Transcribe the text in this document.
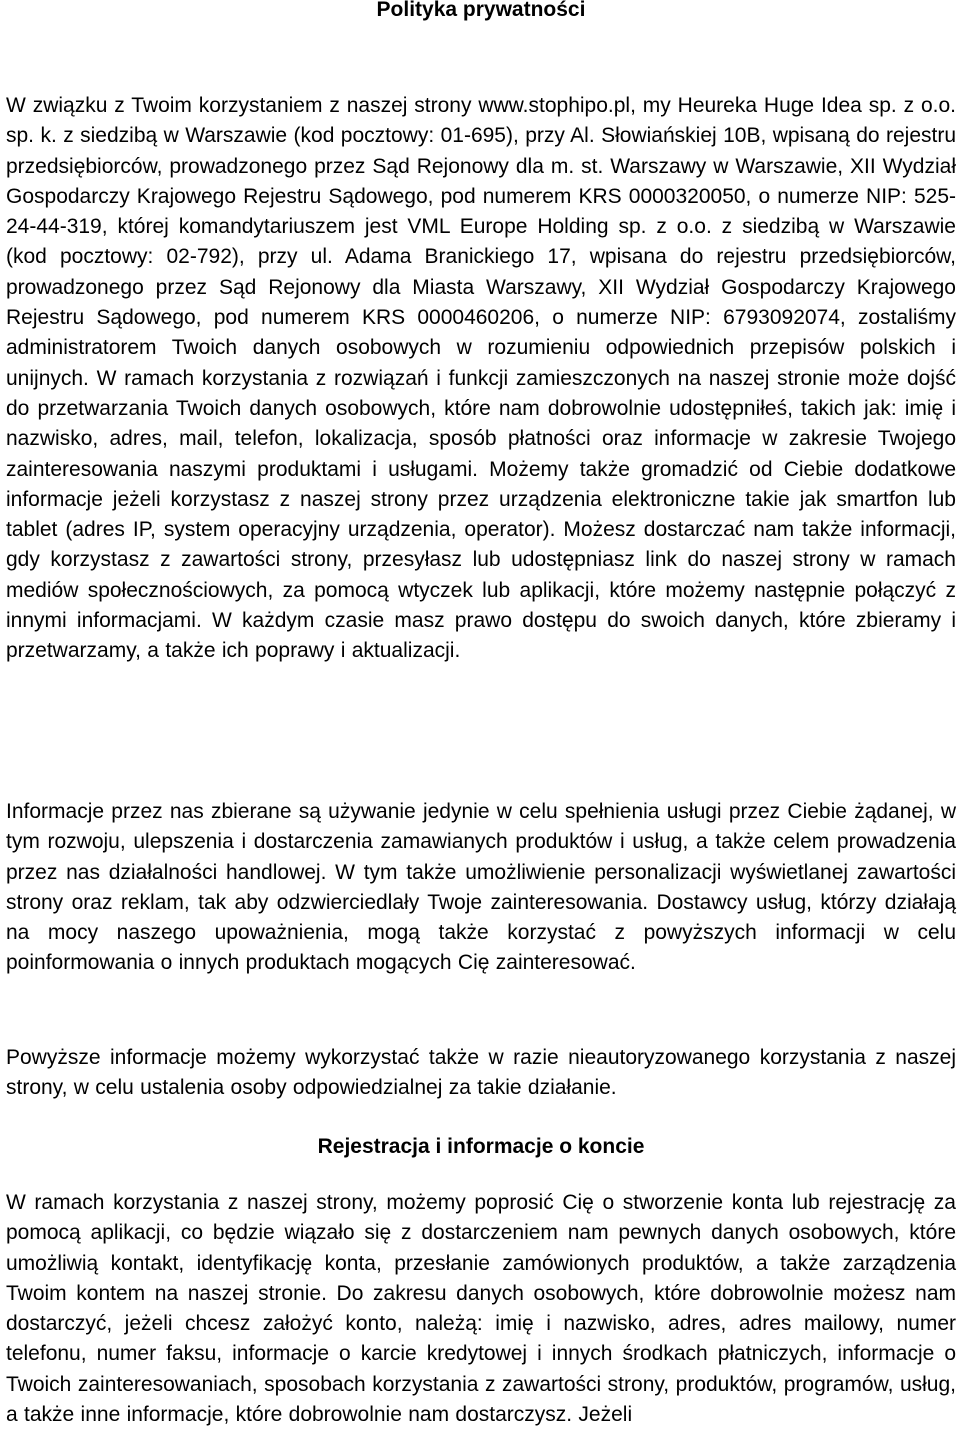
Polityka prywatności

W związku z Twoim korzystaniem z naszej strony www.stophipo.pl, my Heureka Huge Idea sp. z o.o. sp. k. z siedzibą w Warszawie (kod pocztowy: 01-695), przy Al. Słowiańskiej 10B, wpisaną do rejestru przedsiębiorców, prowadzonego przez Sąd Rejonowy dla m. st. Warszawy w Warszawie, XII Wydział Gospodarczy Krajowego Rejestru Sądowego, pod numerem KRS 0000320050, o numerze NIP: 525-24-44-319, której komandytariuszem jest VML Europe Holding sp. z o.o. z siedzibą w Warszawie (kod pocztowy: 02-792), przy ul. Adama Branickiego 17, wpisana do rejestru przedsiębiorców, prowadzonego przez Sąd Rejonowy dla Miasta Warszawy, XII Wydział Gospodarczy Krajowego Rejestru Sądowego, pod numerem KRS 0000460206, o numerze NIP: 6793092074, zostaliśmy administratorem Twoich danych osobowych w rozumieniu odpowiednich przepisów polskich i unijnych. W ramach korzystania z rozwiązań i funkcji zamieszczonych na naszej stronie może dojść do przetwarzania Twoich danych osobowych, które nam dobrowolnie udostępniłeś, takich jak: imię i nazwisko, adres, mail, telefon, lokalizacja, sposób płatności oraz informacje w zakresie Twojego zainteresowania naszymi produktami i usługami. Możemy także gromadzić od Ciebie dodatkowe informacje jeżeli korzystasz z naszej strony przez urządzenia elektroniczne takie jak smartfon lub tablet (adres IP, system operacyjny urządzenia, operator). Możesz dostarczać nam także informacji, gdy korzystasz z zawartości strony, przesyłasz lub udostępniasz link do naszej strony w ramach mediów społecznościowych, za pomocą wtyczek lub aplikacji, które możemy następnie połączyć z innymi informacjami. W każdym czasie masz prawo dostępu do swoich danych, które zbieramy i przetwarzamy, a także ich poprawy i aktualizacji.

Informacje przez nas zbierane są używanie jedynie w celu spełnienia usługi przez Ciebie żądanej, w tym rozwoju, ulepszenia i dostarczenia zamawianych produktów i usług, a także celem prowadzenia przez nas działalności handlowej. W tym także umożliwienie personalizacji wyświetlanej zawartości strony oraz reklam, tak aby odzwierciedlały Twoje zainteresowania. Dostawcy usług, którzy działają na mocy naszego upoważnienia, mogą także korzystać z powyższych informacji w celu poinformowania o innych produktach mogących Cię zainteresować.

Powyższe informacje możemy wykorzystać także w razie nieautoryzowanego korzystania z naszej strony, w celu ustalenia osoby odpowiedzialnej za takie działanie.

Rejestracja i informacje o koncie

W ramach korzystania z naszej strony, możemy poprosić Cię o stworzenie konta lub rejestrację za pomocą aplikacji, co będzie wiązało się z dostarczeniem nam pewnych danych osobowych, które umożliwią kontakt, identyfikację konta, przesłanie zamówionych produktów, a także zarządzenia Twoim kontem na naszej stronie. Do zakresu danych osobowych, które dobrowolnie możesz nam dostarczyć, jeżeli chcesz założyć konto, należą: imię i nazwisko, adres, adres mailowy, numer telefonu, numer faksu, informacje o karcie kredytowej i innych środkach płatniczych, informacje o Twoich zainteresowaniach, sposobach korzystania z zawartości strony, produktów, programów, usług, a także inne informacje, które dobrowolnie nam dostarczysz. Jeżeli
